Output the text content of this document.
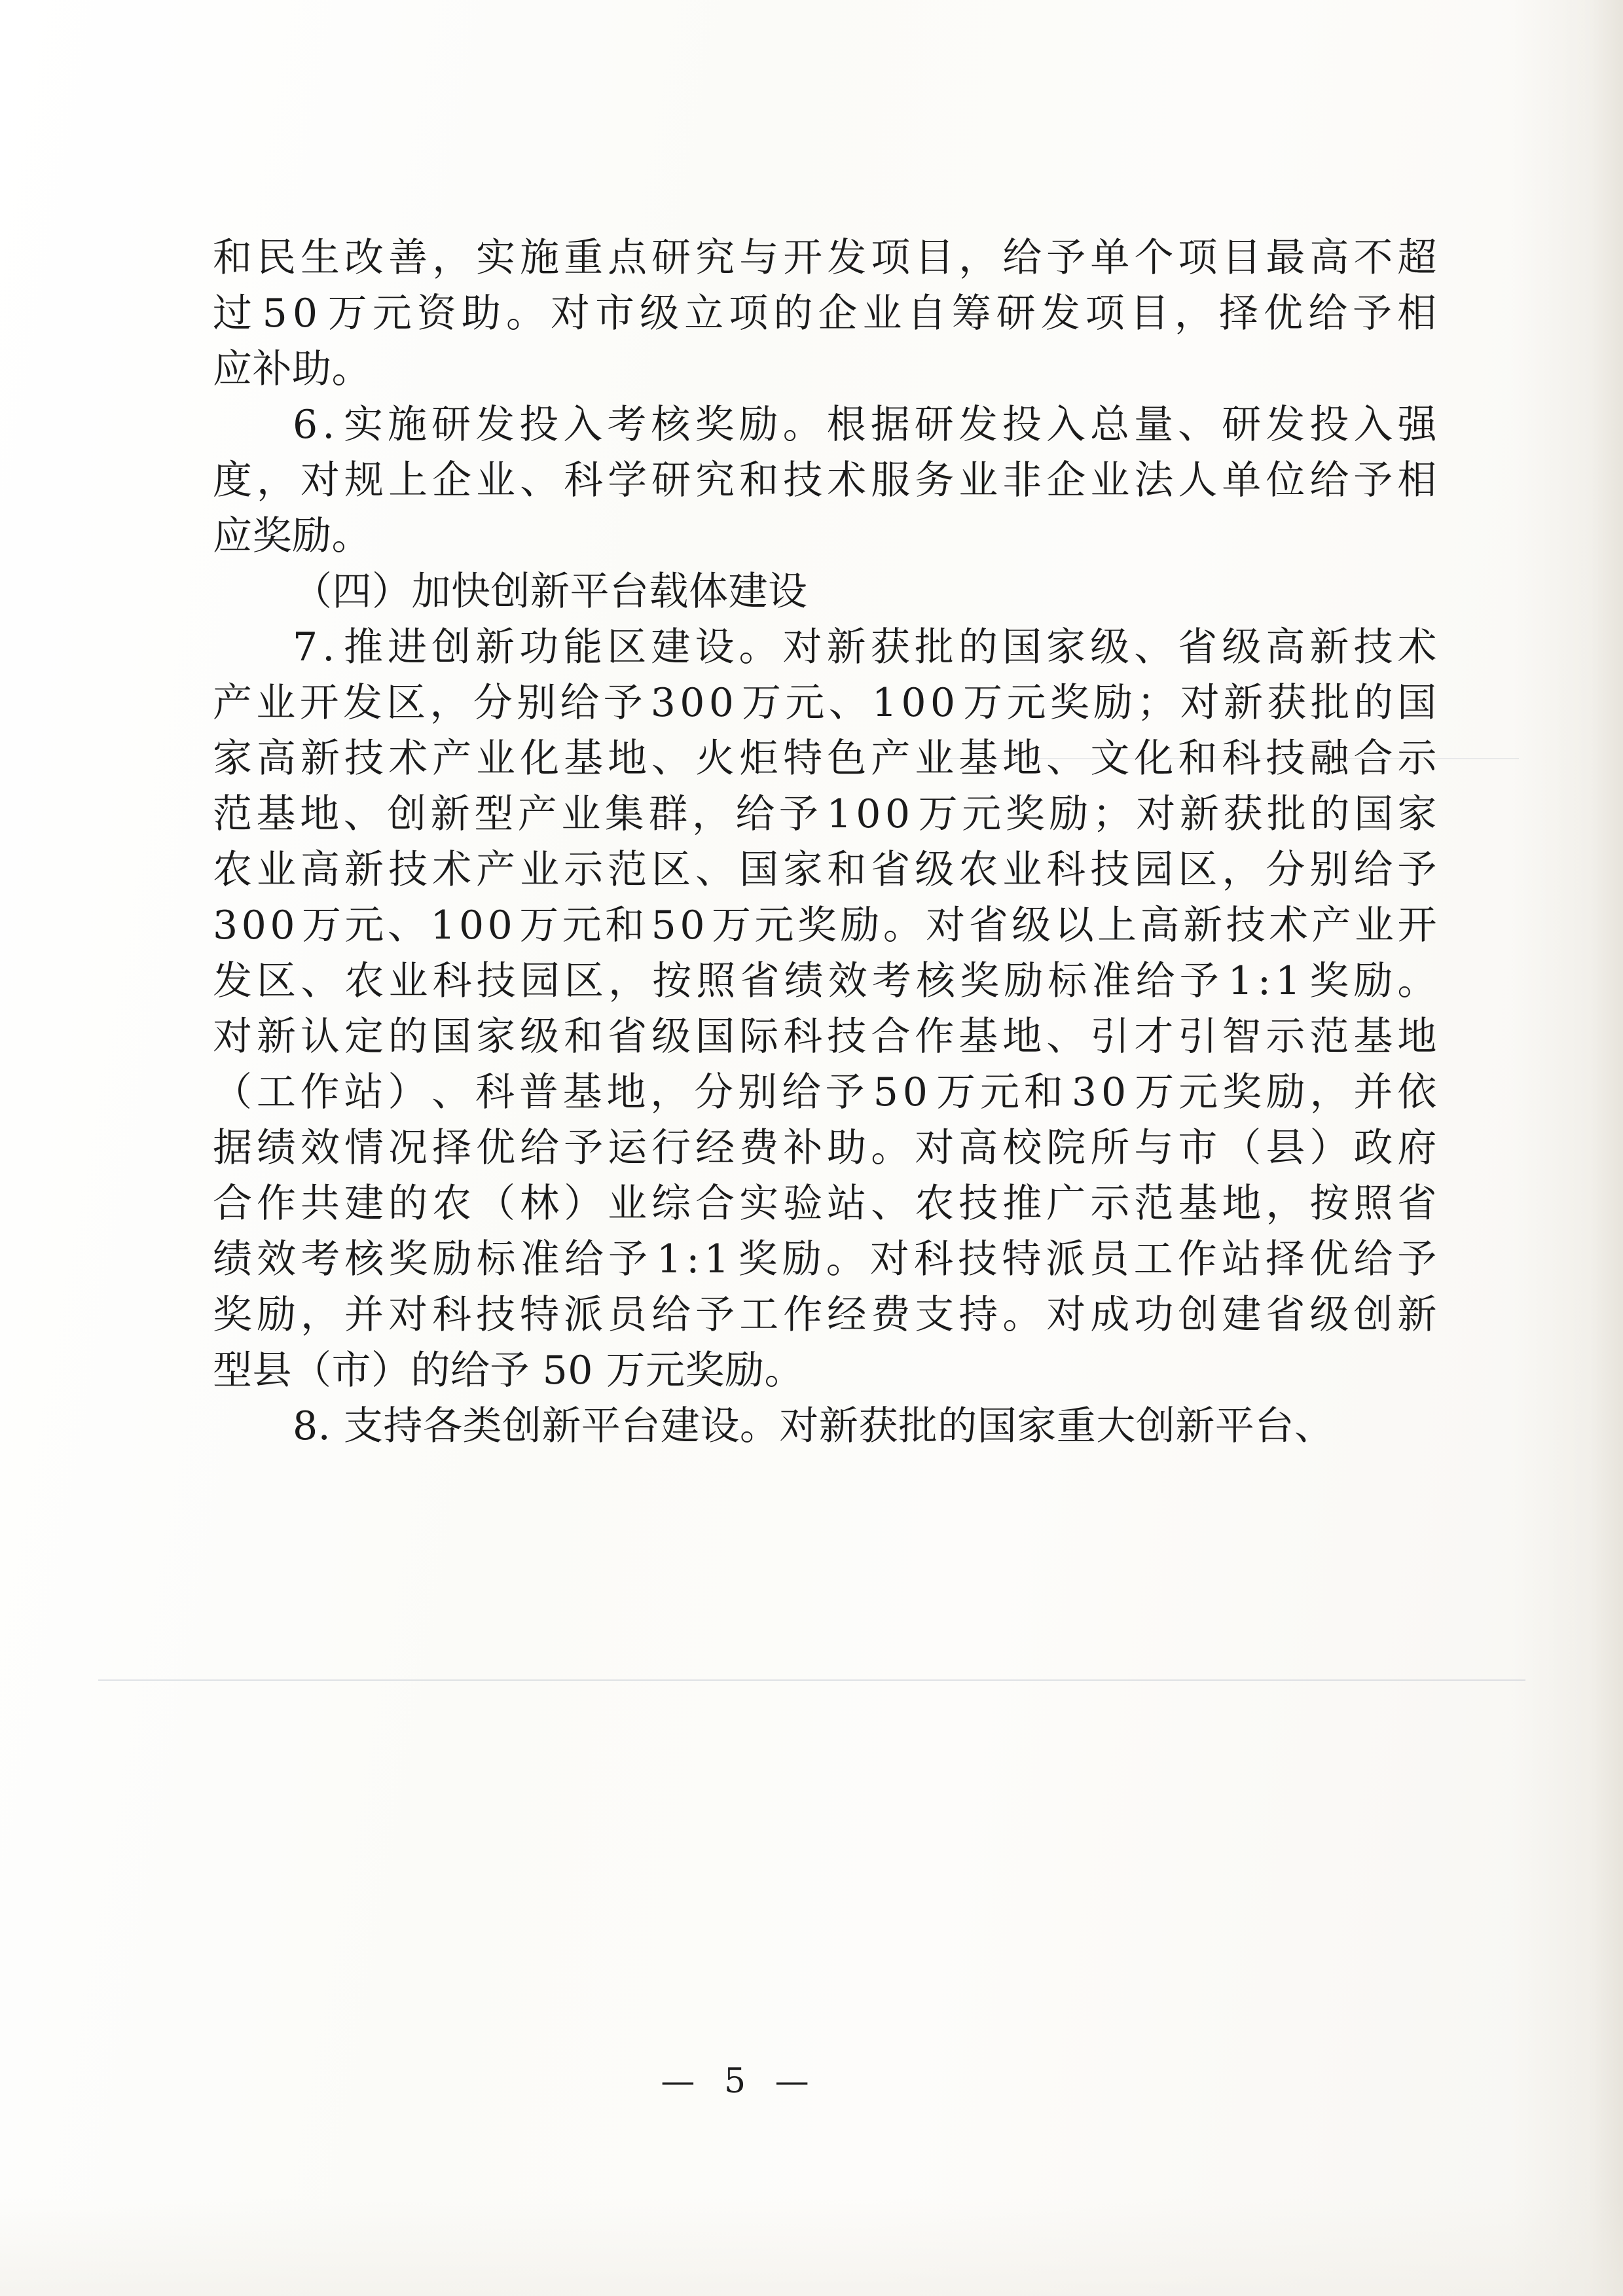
和 民 生 改 善 ， 实 施 重 点 研 究 与 开 发 项 目 ， 给 予 单 个 项 目 最 高 不 超
过 5 0 万 元 资 助 。 对 市 级 立 项 的 企 业 自 筹 研 发 项 目 ， 择 优 给 予 相
应补助。
6 . 实 施 研 发 投 入 考 核 奖 励 。 根 据 研 发 投 入 总 量 、 研 发 投 入 强
度 ， 对 规 上 企 业 、 科 学 研 究 和 技 术 服 务 业 非 企 业 法 人 单 位 给 予 相
应奖励。
（四）加快创新平台载体建设
7 . 推 进 创 新 功 能 区 建 设 。 对 新 获 批 的 国 家 级 、 省 级 高 新 技 术
产 业 开 发 区 ， 分 别 给 予 3 0 0 万 元 、 1 0 0 万 元 奖 励 ； 对 新 获 批 的 国
家 高 新 技 术 产 业 化 基 地 、 火 炬 特 色 产 业 基 地 、 文 化 和 科 技 融 合 示
范 基 地 、 创 新 型 产 业 集 群 ， 给 予 1 0 0 万 元 奖 励 ； 对 新 获 批 的 国 家
农 业 高 新 技 术 产 业 示 范 区 、 国 家 和 省 级 农 业 科 技 园 区 ， 分 别 给 予
3 0 0 万 元 、 1 0 0 万 元 和 5 0 万 元 奖 励 。 对 省 级 以 上 高 新 技 术 产 业 开
发 区 、 农 业 科 技 园 区 ， 按 照 省 绩 效 考 核 奖 励 标 准 给 予 1 : 1 奖 励 。
对 新 认 定 的 国 家 级 和 省 级 国 际 科 技 合 作 基 地 、 引 才 引 智 示 范 基 地
（ 工 作 站 ） 、 科 普 基 地 ， 分 别 给 予 5 0 万 元 和 3 0 万 元 奖 励 ， 并 依
据 绩 效 情 况 择 优 给 予 运 行 经 费 补 助 。 对 高 校 院 所 与 市 （ 县 ） 政 府
合 作 共 建 的 农 （ 林 ） 业 综 合 实 验 站 、 农 技 推 广 示 范 基 地 ， 按 照 省
绩 效 考 核 奖 励 标 准 给 予 1 : 1 奖 励 。 对 科 技 特 派 员 工 作 站 择 优 给 予
奖 励 ， 并 对 科 技 特 派 员 给 予 工 作 经 费 支 持 。 对 成 功 创 建 省 级 创 新
型县（市）的给予 50 万元奖励。
8. 支持各类创新平台建设。对新获批的国家重大创新平台、
— 5 —
